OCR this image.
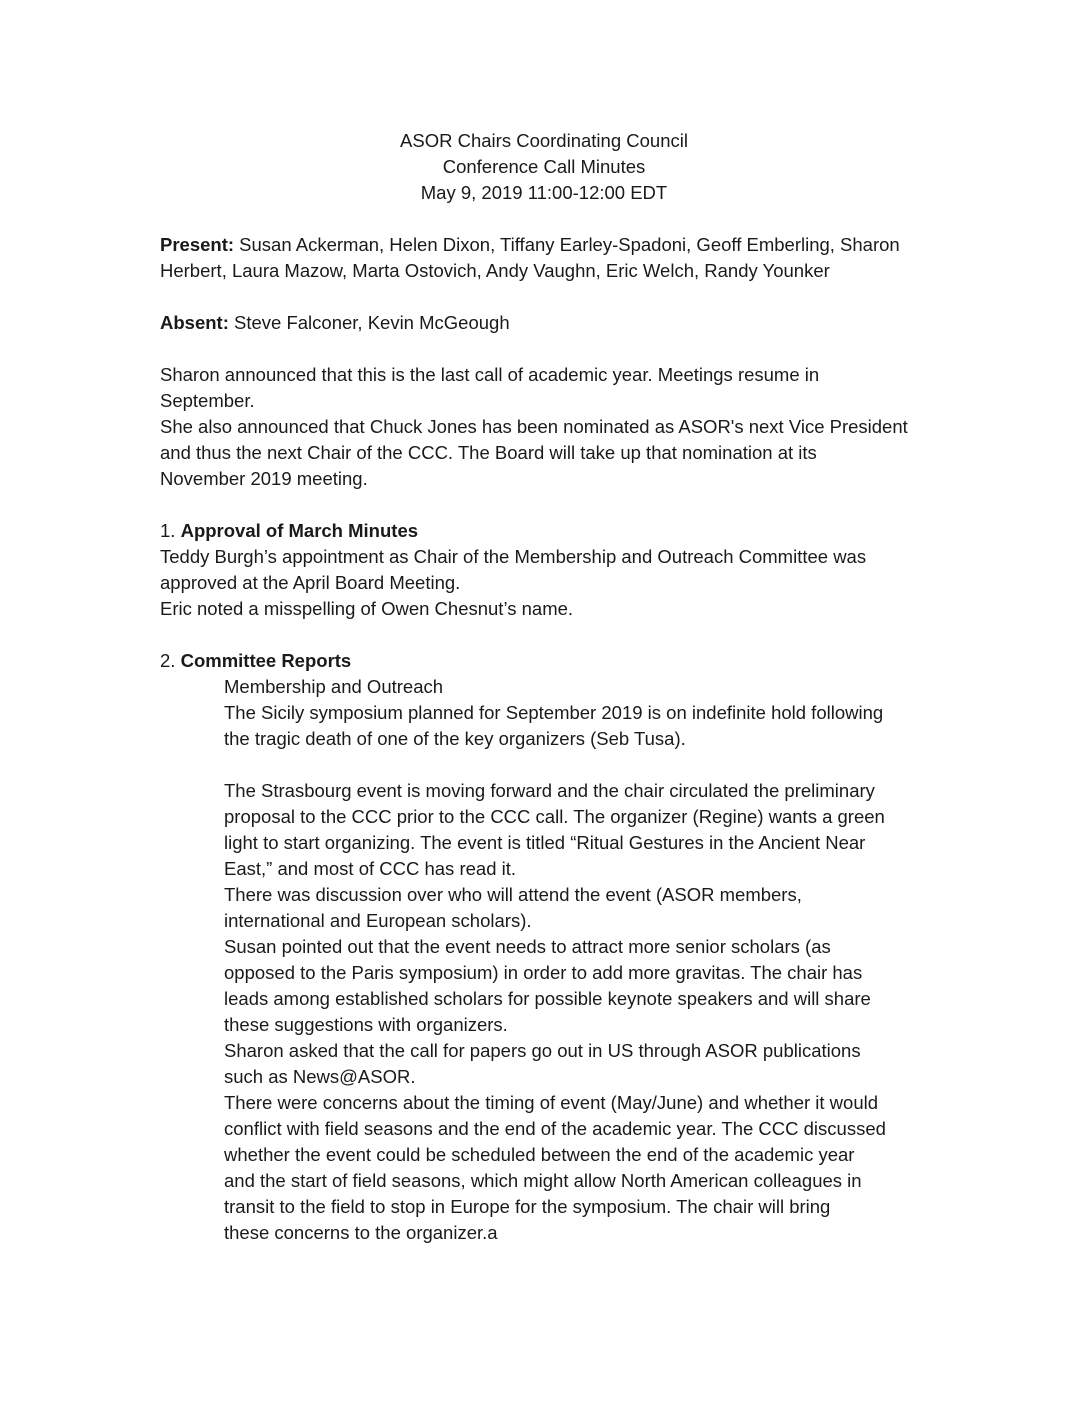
ASOR Chairs Coordinating Council
Conference Call Minutes
May 9, 2019 11:00-12:00 EDT
Present: Susan Ackerman, Helen Dixon, Tiffany Earley-Spadoni, Geoff Emberling, Sharon
Herbert, Laura Mazow, Marta Ostovich, Andy Vaughn, Eric Welch, Randy Younker
Absent: Steve Falconer, Kevin McGeough
Sharon announced that this is the last call of academic year. Meetings resume in
September.
She also announced that Chuck Jones has been nominated as ASOR's next Vice President
and thus the next Chair of the CCC. The Board will take up that nomination at its
November 2019 meeting.
1. Approval of March Minutes
Teddy Burgh’s appointment as Chair of the Membership and Outreach Committee was
approved at the April Board Meeting.
Eric noted a misspelling of Owen Chesnut’s name.
2. Committee Reports
Membership and Outreach
The Sicily symposium planned for September 2019 is on indefinite hold following
the tragic death of one of the key organizers (Seb Tusa).
The Strasbourg event is moving forward and the chair circulated the preliminary
proposal to the CCC prior to the CCC call. The organizer (Regine) wants a green
light to start organizing. The event is titled “Ritual Gestures in the Ancient Near
East,” and most of CCC has read it.
There was discussion over who will attend the event (ASOR members,
international and European scholars).
Susan pointed out that the event needs to attract more senior scholars (as
opposed to the Paris symposium) in order to add more gravitas. The chair has
leads among established scholars for possible keynote speakers and will share
these suggestions with organizers.
Sharon asked that the call for papers go out in US through ASOR publications
such as News@ASOR.
There were concerns about the timing of event (May/June) and whether it would
conflict with field seasons and the end of the academic year. The CCC discussed
whether the event could be scheduled between the end of the academic year
and the start of field seasons, which might allow North American colleagues in
transit to the field to stop in Europe for the symposium. The chair will bring
these concerns to the organizer.a
